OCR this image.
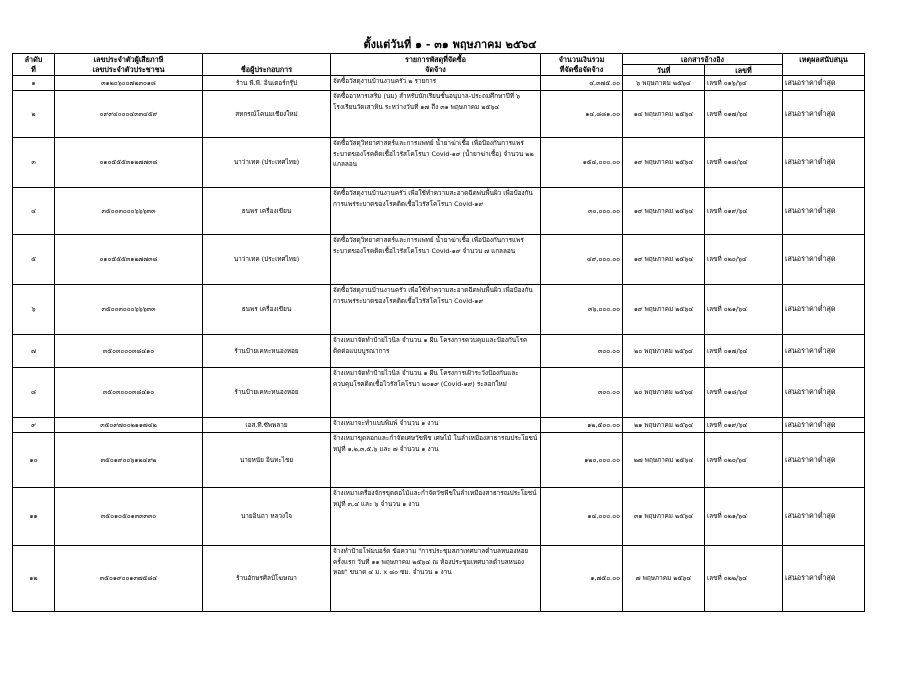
ตั้งแต่วันที่ ๑ - ๓๑ พฤษภาคม ๒๕๖๔
ลำดับ	เลขประจำตัวผู้เสียภาษี		รายการพัสดุที่จัดซื้อ	จำนวนเงินรวม	เอกสารอ้างอิง		เหตุผลสนับสนุน
ที่	เลขประจำตัวประชาชน	ชื่อผู้ประกอบการ	จัดจ้าง	ที่จัดซื้อจัดจ้าง	วันที่	เลขที่	
๑	๓๑๒๐๖๐๐๗๒๓๐๑๘	ร้าน พี.พี. อินเตอร์กรุ๊ป	จัดซื้อวัสดุงานบ้านงานครัว ๒ รายการ	๔,๓๗๕.๐๐	๖ พฤษภาคม ๒๕๖๔	เลขที่ ๐๑๖/๖๔	เสนอราคาต่ำสุด
๒	๐๙๙๔๐๐๐๔๓๓๔๕๙	สหกรณ์โคนมเชียงใหม่	จัดซื้ออาหารเสริม (นม) สำหรับนักเรียนชั้นอนุบาล-ประถมศึกษาปีที่ ๖ โรงเรียนวัดเสาหิน ระหว่างวันที่ ๑๗ ถึง ๓๑ พฤษภาคม ๒๕๖๔	๑๔,๘๘๑.๐๐	๑๔ พฤษภาคม ๒๕๖๔	เลขที่ ๐๑๗/๖๔	เสนอราคาต่ำสุด
๓	๐๑๐๕๕๕๓๑๒๗๗๓๘	นาว่าเทค (ประเทศไทย)	จัดซื้อวัสดุวิทยาศาสตร์และการแพทย์ น้ำยาฆ่าเชื้อ เพื่อป้องกันการแพร่ระบาดของโรคติดเชื้อไวรัสโคโรนา Covid-๑๙ (น้ำยาฆ่าเชื้อ) จำนวน ๒๒ แกลลอน	๑๕๔,๐๐๐.๐๐	๑๙ พฤษภาคม ๒๕๖๔	เลขที่ ๐๑๘/๖๔	เสนอราคาต่ำสุด
๔	๓๕๐๐๓๐๐๐๖๖๖๓๓	ธนพร เครื่องเขียน	จัดซื้อวัสดุงานบ้านงานครัว เพื่อใช้ทำความสะอาดฉีดพ่นพื้นผิว เพื่อป้องกันการแพร่ระบาดของโรคติดเชื้อไวรัสโคโรนา Covid-๑๙	๓๐,๐๐๐.๐๐	๑๙ พฤษภาคม ๒๕๖๔	เลขที่ ๐๑๙/๖๔	เสนอราคาต่ำสุด
๕	๐๑๐๕๕๕๓๑๒๗๗๓๘	นาว่าเทค (ประเทศไทย)	จัดซื้อวัสดุวิทยาศาสตร์และการแพทย์ น้ำยาฆ่าเชื้อ เพื่อป้องกันการแพร่ระบาดของโรคติดเชื้อไวรัสโคโรนา Covid-๑๙ จำนวน ๗ แกลลอน	๔๙,๐๐๐.๐๐	๑๙ พฤษภาคม ๒๕๖๔	เลขที่ ๐๒๐/๖๔	เสนอราคาต่ำสุด
๖	๓๕๐๐๓๐๐๐๖๖๖๓๓	ธนพร เครื่องเขียน	จัดซื้อวัสดุงานบ้านงานครัว เพื่อใช้ทำความสะอาดฉีดพ่นพื้นผิว เพื่อป้องกันการแพร่ระบาดของโรคติดเชื้อไวรัสโคโรนา Covid-๑๙	๓๖,๐๐๐.๐๐	๑๙ พฤษภาคม ๒๕๖๔	เลขที่ ๐๒๑/๖๔	เสนอราคาต่ำสุด
๗	๓๕๐๓๐๐๐๓๘๔๑๐	ร้านป้ายเคหะหนองหอย	จ้างเหมาจัดทำป้ายไวนิล จำนวน ๑ ผืน โครงการควบคุมและป้องกันโรคติดต่อแบบบูรณาการ	๓๐๐.๐๐	๒๐ พฤษภาคม ๒๕๖๔	เลขที่ ๐๑๗/๖๔	เสนอราคาต่ำสุด
๘	๓๕๐๓๐๐๐๓๘๔๑๐	ร้านป้ายเคหะหนองหอย	จ้างเหมาจัดทำป้ายไวนิล จำนวน ๑ ผืน โครงการเฝ้าระวังป้องกันและควบคุมโรคติดเชื้อไวรัสโคโรนา ๒๐๑๙ (Covid-๑๙) ระลอกใหม่	๓๐๐.๐๐	๒๐ พฤษภาคม ๒๕๖๔	เลขที่ ๐๑๘/๖๔	เสนอราคาต่ำสุด
๙	๓๕๐๙๗๐๐๒๑๑๗๔๒	เอส.ที.ซัพพลาย	จ้างเหมาจะทำแบบพิมพ์ จำนวน ๑ งาน	๑๒,๕๐๐.๐๐	๒๑ พฤษภาคม ๒๕๖๔	เลขที่ ๐๑๙/๖๔	เสนอราคาต่ำสุด
๑๐	๓๕๐๑๙๐๐๖๑๒๔๙๒	นายหนัย อินทะไชย	จ้างเหมาขุดลอกและกำจัดเศษวัชพืช เศษไม้ ในลำเหมืองสาธารณประโยชน์ หมู่ที่ ๑,๒,๓,๕,๖ และ ๗ จำนวน ๑ งาน	๑๒๐,๐๐๐.๐๐	๒๗ พฤษภาคม ๒๕๖๔	เลขที่ ๐๒๐/๖๔	เสนอราคาต่ำสุด
๑๑	๓๕๐๑๐๕๐๑๓๓๓๓๐	นายอินถา หลวงใจ	จ้างเหมาเครื่องจักรขุดตอไม้และกำจัดวัชพืชในลำเหมืองสาธารณประโยชน์ หมู่ที่ ๓,๔ และ ๖ จำนวน ๑ งาน	๑๔,๐๐๐.๐๐	๓๑ พฤษภาคม ๒๕๖๔	เลขที่ ๐๒๑/๖๔	เสนอราคาต่ำสุด
๑๒	๓๕๐๑๙๐๐๑๓๗๕๘๔	ร้านอักษรศิลป์โฆษณา	จ้างทำป้ายโฟมบอร์ด ข้อความ "การประชุมสภาเทศบาลตำบลหนองหอย ครั้งแรก วันที่ ๑๑ พฤษภาคม ๒๕๖๔ ณ ห้องประชุมเทศบาลตำบลหนองหอย" ขนาด ๔ ม. x ๘๐ ซม. จำนวน ๑ งาน	๑,๗๕๐.๐๐	๗ พฤษภาคม ๒๕๖๔	เลขที่ ๐๒๒/๖๔	เสนอราคาต่ำสุด
